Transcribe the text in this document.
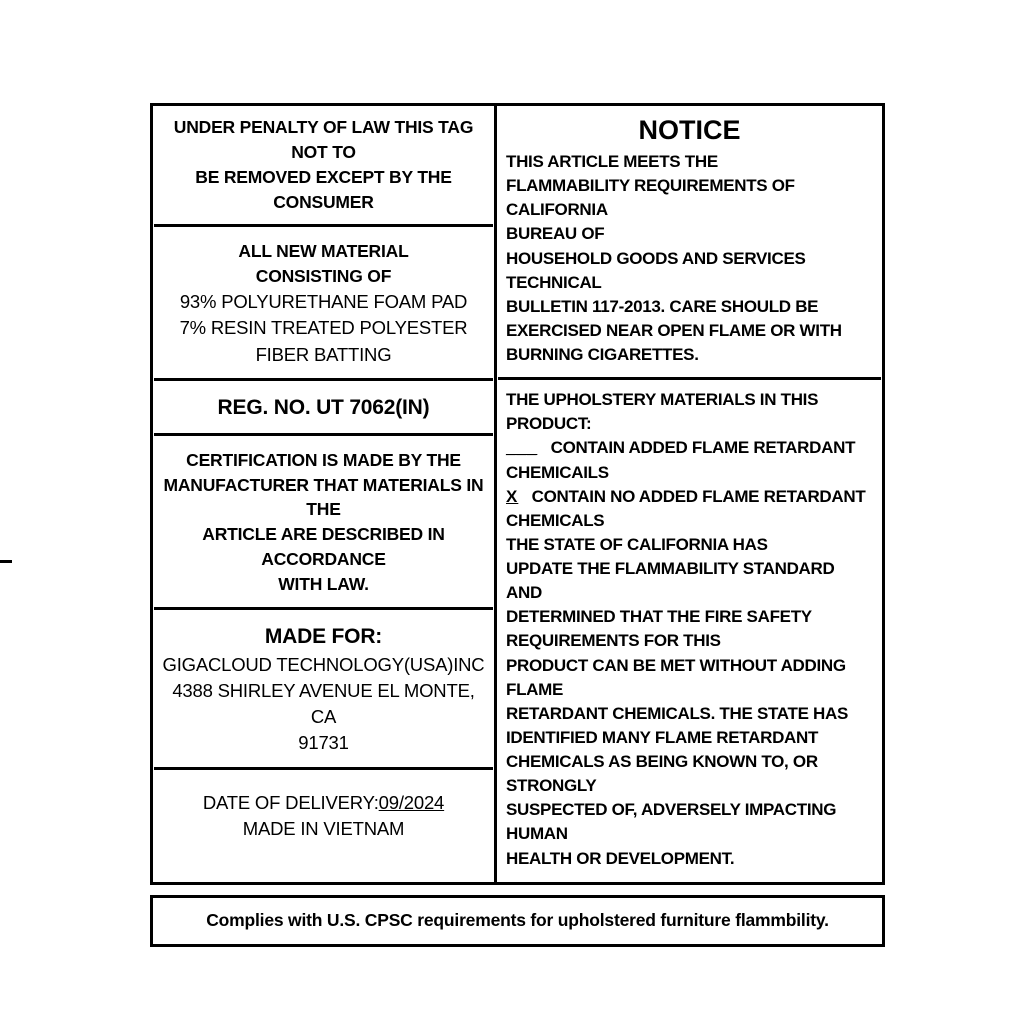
UNDER PENALTY OF LAW THIS TAG NOT TO
BE REMOVED EXCEPT BY THE CONSUMER
ALL NEW MATERIAL
CONSISTING OF
93% POLYURETHANE FOAM PAD
7% RESIN TREATED POLYESTER
FIBER BATTING
REG. NO. UT 7062(IN)
CERTIFICATION IS MADE BY THE
MANUFACTURER THAT MATERIALS IN THE
ARTICLE ARE DESCRIBED IN ACCORDANCE
WITH LAW.
MADE FOR:
GIGACLOUD TECHNOLOGY(USA)INC
4388 SHIRLEY AVENUE EL MONTE, CA
91731
DATE OF DELIVERY:09/2024
MADE IN VIETNAM

NOTICE
THIS ARTICLE MEETS THE
FLAMMABILITY REQUIREMENTS OF CALIFORNIA
BUREAU OF
HOUSEHOLD GOODS AND SERVICES TECHNICAL
BULLETIN 117-2013. CARE SHOULD BE
EXERCISED NEAR OPEN FLAME OR WITH
BURNING CIGARETTES.
THE UPHOLSTERY MATERIALS IN THIS PRODUCT:
___ CONTAIN ADDED FLAME RETARDANT
CHEMICAILS
X CONTAIN NO ADDED FLAME RETARDANT
CHEMICALS
THE STATE OF CALIFORNIA HAS
UPDATE THE FLAMMABILITY STANDARD AND
DETERMINED THAT THE FIRE SAFETY
REQUIREMENTS FOR THIS
PRODUCT CAN BE MET WITHOUT ADDING FLAME
RETARDANT CHEMICALS. THE STATE HAS
IDENTIFIED MANY FLAME RETARDANT
CHEMICALS AS BEING KNOWN TO, OR STRONGLY
SUSPECTED OF, ADVERSELY IMPACTING HUMAN
HEALTH OR DEVELOPMENT.
Complies with U.S. CPSC requirements for upholstered furniture flammbility.
